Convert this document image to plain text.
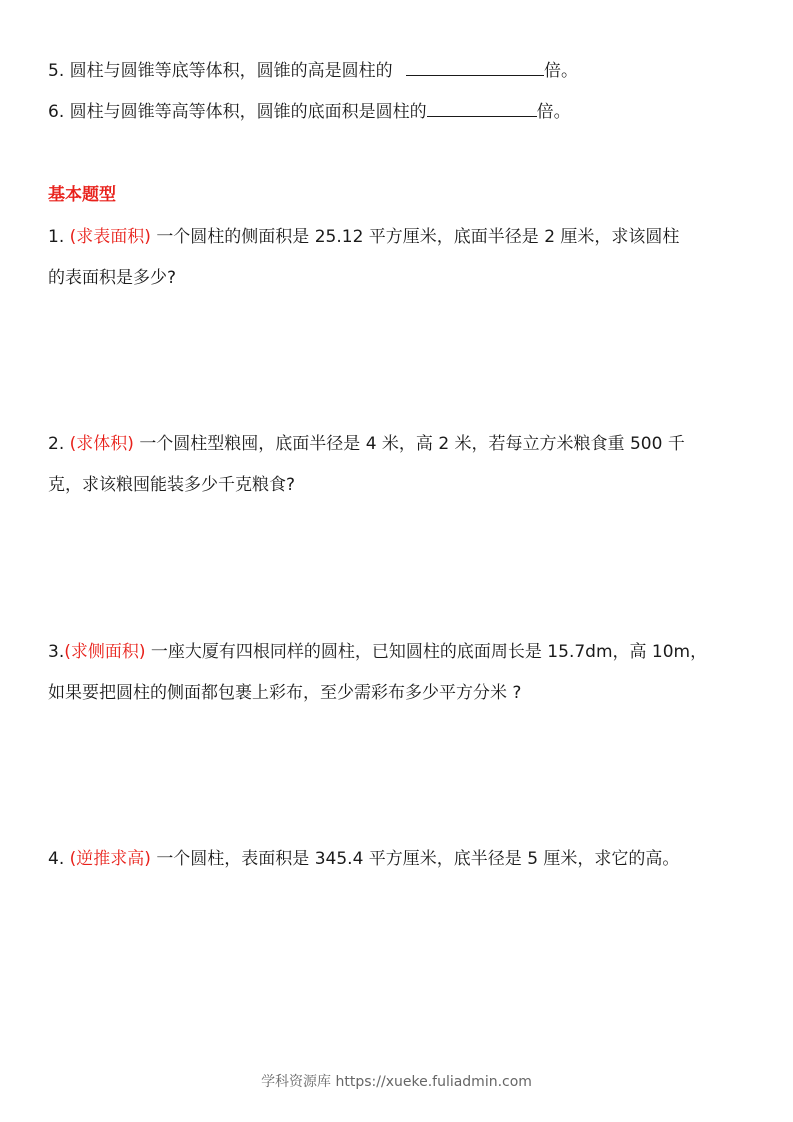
5. 圆柱与圆锥等底等体积，圆锥的高是圆柱的	倍。
6. 圆柱与圆锥等高等体积，圆锥的底面积是圆柱的	倍。
基本题型
1. (求表面积) 一个圆柱的侧面积是 25.12 平方厘米，底面半径是 2 厘米，求该圆柱
的表面积是多少?
2. (求体积) 一个圆柱型粮囤，底面半径是 4 米，高 2 米，若每立方米粮食重 500 千
克，求该粮囤能装多少千克粮食?
3.(求侧面积) 一座大厦有四根同样的圆柱，已知圆柱的底面周长是 15.7dm，高 10m，
如果要把圆柱的侧面都包裹上彩布，至少需彩布多少平方分米 ?
4. (逆推求高) 一个圆柱，表面积是 345.4 平方厘米，底半径是 5 厘米，求它的高。
学科资源库 https://xueke.fuliadmin.com
